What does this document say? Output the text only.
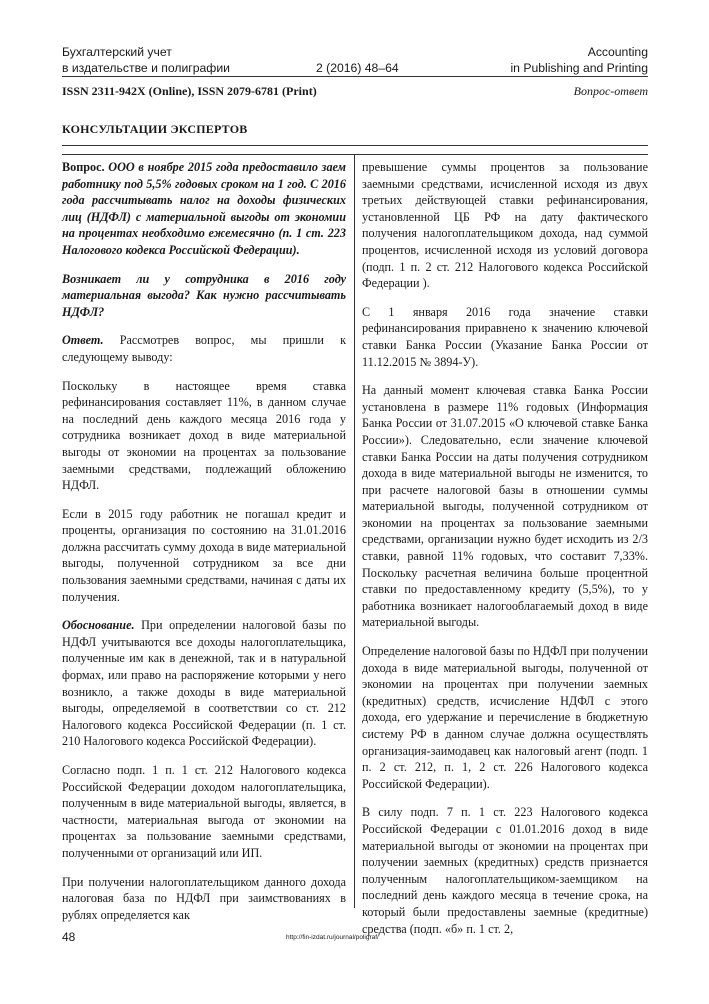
Бухгалтерский учет
в издательстве и полиграфии	2 (2016) 48–64
Accounting
in Publishing and Printing
ISSN 2311-942X (Online), ISSN 2079-6781 (Print)	Вопрос-ответ
КОНСУЛЬТАЦИИ ЭКСПЕРТОВ

Вопрос. ООО в ноябре 2015 года предоставило заем работнику под 5,5% годовых сроком на 1 год. С 2016 года рассчитывать налог на доходы физических лиц (НДФЛ) с материальной выгоды от экономии на процентах необходимо ежемесячно (п. 1 ст. 223 Налогового кодекса Российской Федерации).

Возникает ли у сотрудника в 2016 году материальная выгода? Как нужно рассчитывать НДФЛ?

Ответ. Рассмотрев вопрос, мы пришли к следующему выводу:

Поскольку в настоящее время ставка рефинансирования составляет 11%, в данном случае на последний день каждого месяца 2016 года у сотрудника возникает доход в виде материальной выгоды от экономии на процентах за пользование заемными средствами, подлежащий обложению НДФЛ.

Если в 2015 году работник не погашал кредит и проценты, организация по состоянию на 31.01.2016 должна рассчитать сумму дохода в виде материальной выгоды, полученной сотрудником за все дни пользования заемными средствами, начиная с даты их получения.

Обоснование. При определении налоговой базы по НДФЛ учитываются все доходы налогоплательщика, полученные им как в денежной, так и в натуральной формах, или право на распоряжение которыми у него возникло, а также доходы в виде материальной выгоды, определяемой в соответствии со ст. 212 Налогового кодекса Российской Федерации (п. 1 ст. 210 Налогового кодекса Российской Федерации).

Согласно подп. 1 п. 1 ст. 212 Налогового кодекса Российской Федерации доходом налогоплательщика, полученным в виде материальной выгоды, является, в частности, материальная выгода от экономии на процентах за пользование заемными средствами, полученными от организаций или ИП.

При получении налогоплательщиком данного дохода налоговая база по НДФЛ при заимствованиях в рублях определяется как

превышение суммы процентов за пользование заемными средствами, исчисленной исходя из двух третьих действующей ставки рефинансирования, установленной ЦБ РФ на дату фактического получения налогоплательщиком дохода, над суммой процентов, исчисленной исходя из условий договора (подп. 1 п. 2 ст. 212 Налогового кодекса Российской Федерации ).

С 1 января 2016 года значение ставки рефинансирования приравнено к значению ключевой ставки Банка России (Указание Банка России от 11.12.2015 № 3894-У).

На данный момент ключевая ставка Банка России установлена в размере 11% годовых (Информация Банка России от 31.07.2015 «О ключевой ставке Банка России»). Следовательно, если значение ключевой ставки Банка России на даты получения сотрудником дохода в виде материальной выгоды не изменится, то при расчете налоговой базы в отношении суммы материальной выгоды, полученной сотрудником от экономии на процентах за пользование заемными средствами, организации нужно будет исходить из 2/3 ставки, равной 11% годовых, что составит 7,33%. Поскольку расчетная величина больше процентной ставки по предоставленному кредиту (5,5%), то у работника возникает налогооблагаемый доход в виде материальной выгоды.

Определение налоговой базы по НДФЛ при получении дохода в виде материальной выгоды, полученной от экономии на процентах при получении заемных (кредитных) средств, исчисление НДФЛ с этого дохода, его удержание и перечисление в бюджетную систему РФ в данном случае должна осуществлять организация-заимодавец как налоговый агент (подп. 1 п. 2 ст. 212, п. 1, 2 ст. 226 Налогового кодекса Российской Федерации).

В силу подп. 7 п. 1 ст. 223 Налогового кодекса Российской Федерации с 01.01.2016 доход в виде материальной выгоды от экономии на процентах при получении заемных (кредитных) средств признается полученным налогоплательщиком-заемщиком на последний день каждого месяца в течение срока, на который были предоставлены заемные (кредитные) средства (подп. «б» п. 1 ст. 2,

48	http://fin-izdat.ru/journal/poligraf/
